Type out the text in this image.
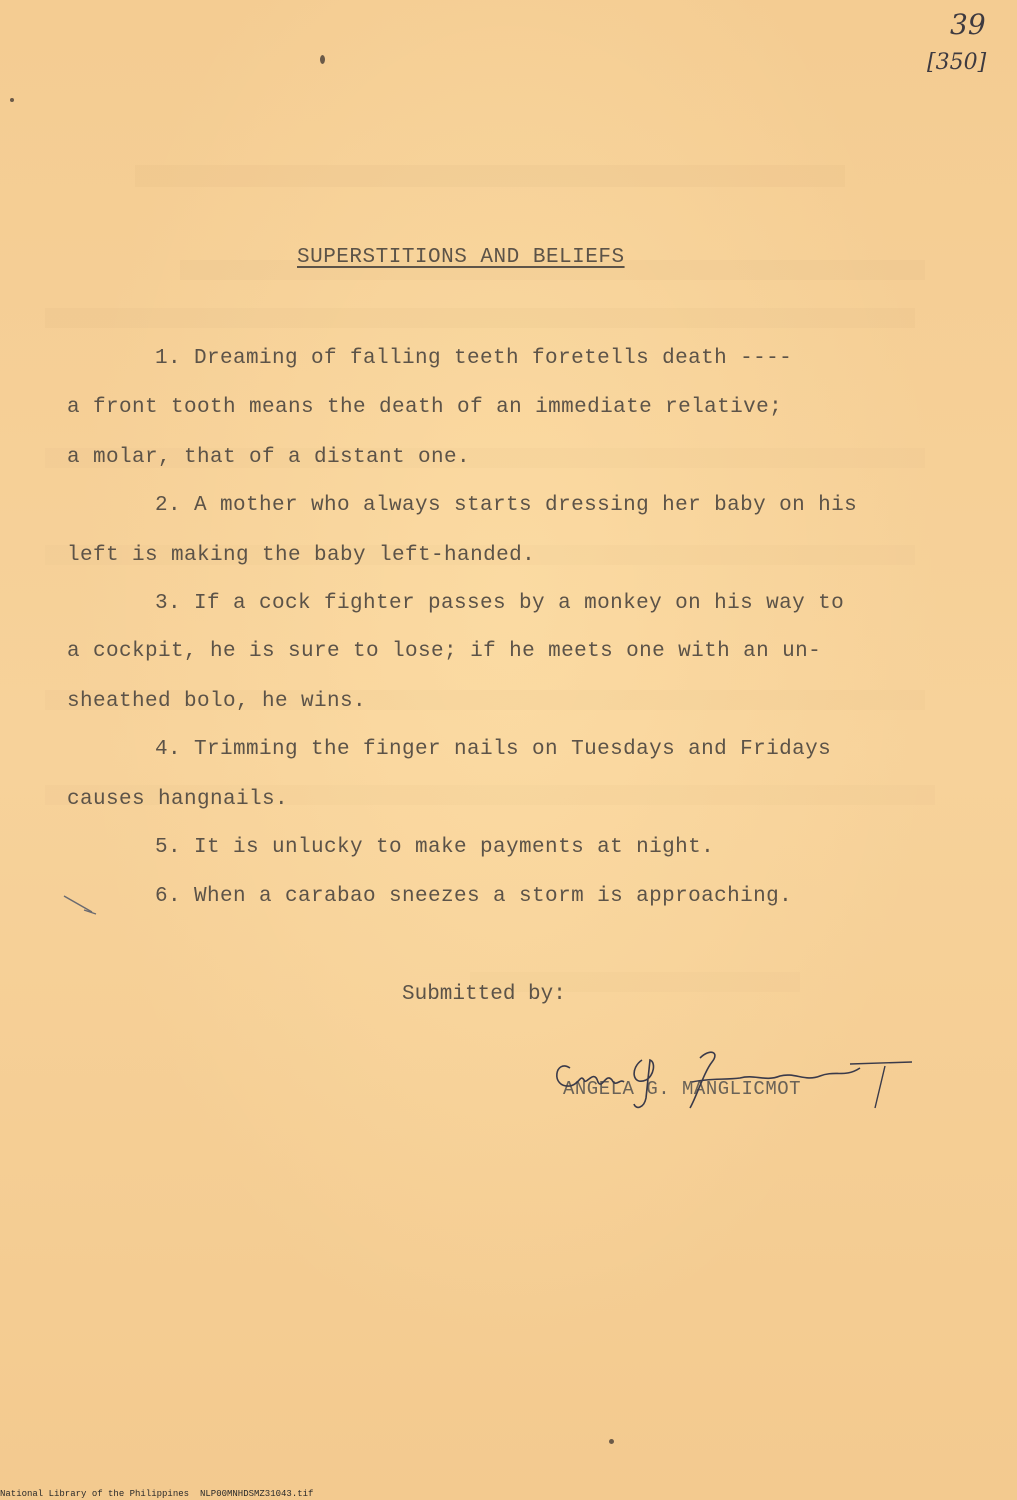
39
[350]
SUPERSTITIONS AND BELIEFS
1. Dreaming of falling teeth foretells death ----
a front tooth means the death of an immediate relative;
a molar, that of a distant one.
2. A mother who always starts dressing her baby on his
left is making the baby left-handed.
3. If a cock fighter passes by a monkey on his way to
a cockpit, he is sure to lose; if he meets one with an un-
sheathed bolo, he wins.
4. Trimming the finger nails on Tuesdays and Fridays
causes hangnails.
5. It is unlucky to make payments at night.
6. When a carabao sneezes a storm is approaching.
Submitted by:
ANGELA G. MANGLICMOT
National Library of the Philippines NLP00MNHDSMZ31043.tif
